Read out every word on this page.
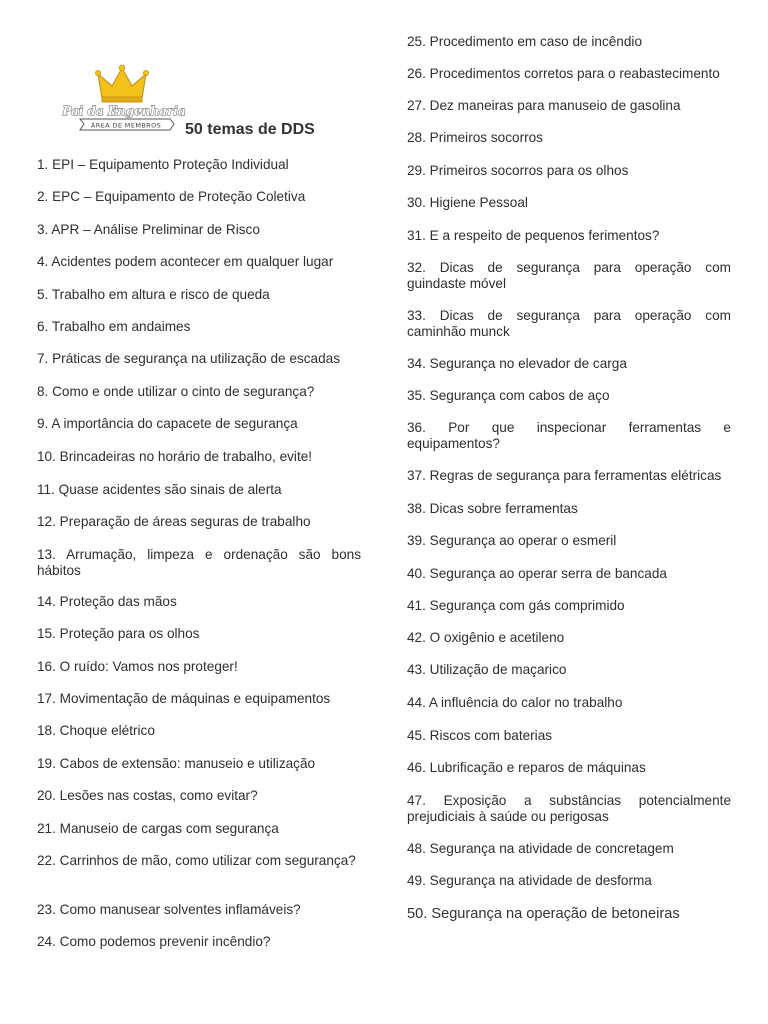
Pai da Engenharia
ÁREA DE MEMBROS 50 temas de DDS
1. EPI – Equipamento Proteção Individual
2. EPC – Equipamento de Proteção Coletiva
3. APR – Análise Preliminar de Risco
4. Acidentes podem acontecer em qualquer lugar
5. Trabalho em altura e risco de queda
6. Trabalho em andaimes
7. Práticas de segurança na utilização de escadas
8. Como e onde utilizar o cinto de segurança?
9. A importância do capacete de segurança
10. Brincadeiras no horário de trabalho, evite!
11. Quase acidentes são sinais de alerta
12. Preparação de áreas seguras de trabalho
13. Arrumação, limpeza e ordenação são bons hábitos
14. Proteção das mãos
15. Proteção para os olhos
16. O ruído: Vamos nos proteger!
17. Movimentação de máquinas e equipamentos
18. Choque elétrico
19. Cabos de extensão: manuseio e utilização
20. Lesões nas costas, como evitar?
21. Manuseio de cargas com segurança
22. Carrinhos de mão, como utilizar com segurança?
23. Como manusear solventes inflamáveis?
24. Como podemos prevenir incêndio?
25. Procedimento em caso de incêndio
26. Procedimentos corretos para o reabastecimento
27. Dez maneiras para manuseio de gasolina
28. Primeiros socorros
29. Primeiros socorros para os olhos
30. Higiene Pessoal
31. E a respeito de pequenos ferimentos?
32. Dicas de segurança para operação com guindaste móvel
33. Dicas de segurança para operação com caminhão munck
34. Segurança no elevador de carga
35. Segurança com cabos de aço
36. Por que inspecionar ferramentas e equipamentos?
37. Regras de segurança para ferramentas elétricas
38. Dicas sobre ferramentas
39. Segurança ao operar o esmeril
40. Segurança ao operar serra de bancada
41. Segurança com gás comprimido
42. O oxigênio e acetileno
43. Utilização de maçarico
44. A influência do calor no trabalho
45. Riscos com baterias
46. Lubrificação e reparos de máquinas
47. Exposição a substâncias potencialmente prejudiciais à saúde ou perigosas
48. Segurança na atividade de concretagem
49. Segurança na atividade de desforma
50. Segurança na operação de betoneiras
